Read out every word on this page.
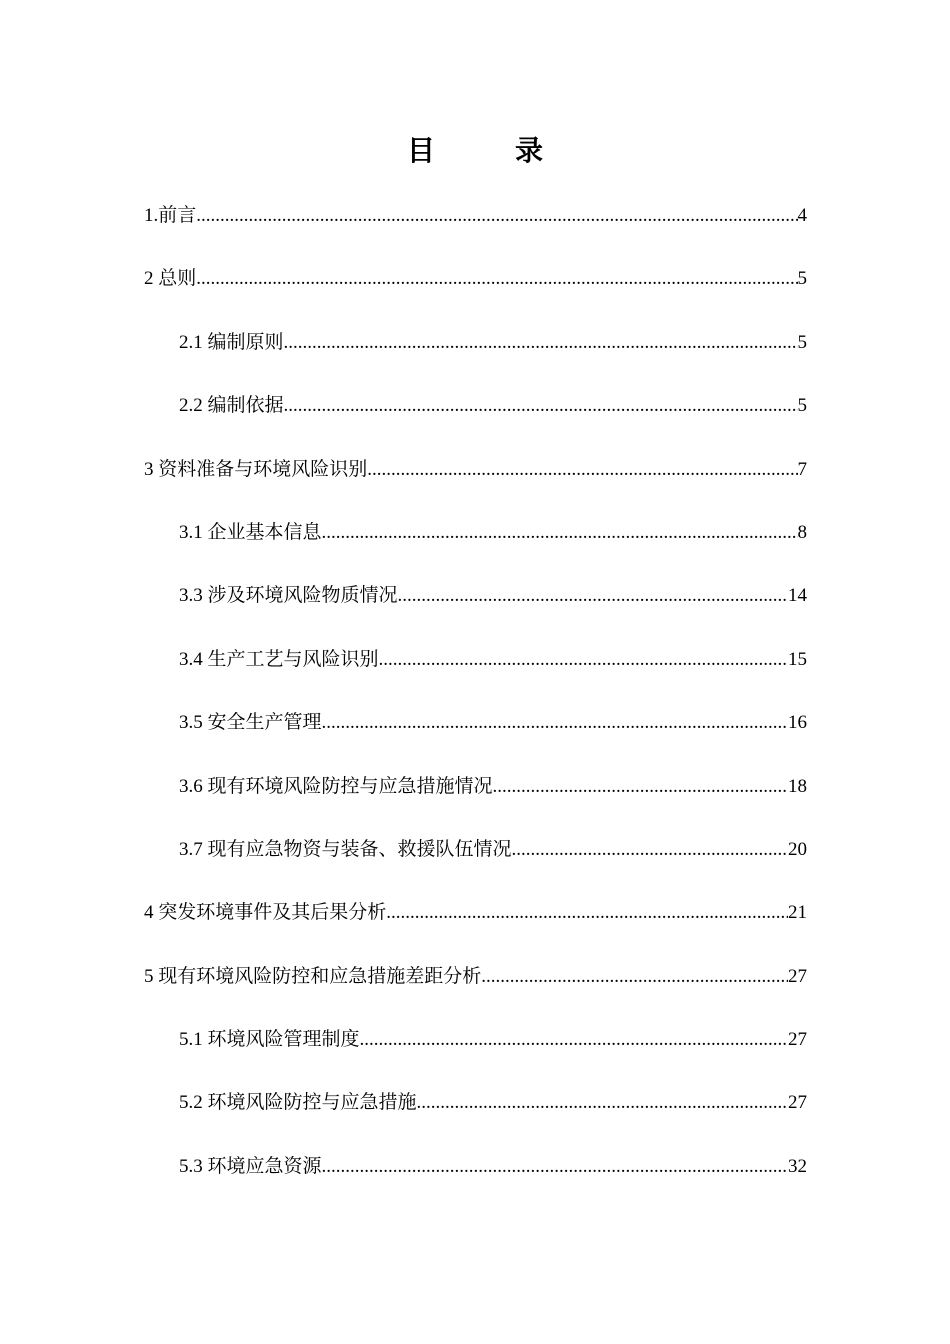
目　录
1.前言 .....	4
2 总则 .....	5
2.1 编制原则 .....	5
2.2 编制依据 .....	5
3 资料准备与环境风险识别 .....	7
3.1 企业基本信息 .....	8
3.3 涉及环境风险物质情况 .....	14
3.4 生产工艺与风险识别 .....	15
3.5 安全生产管理 .....	16
3.6 现有环境风险防控与应急措施情况 .....	18
3.7 现有应急物资与装备、救援队伍情况 .....	20
4 突发环境事件及其后果分析 .....	21
5 现有环境风险防控和应急措施差距分析 .....	27
5.1 环境风险管理制度 .....	27
5.2 环境风险防控与应急措施 .....	27
5.3 环境应急资源 .....	32
